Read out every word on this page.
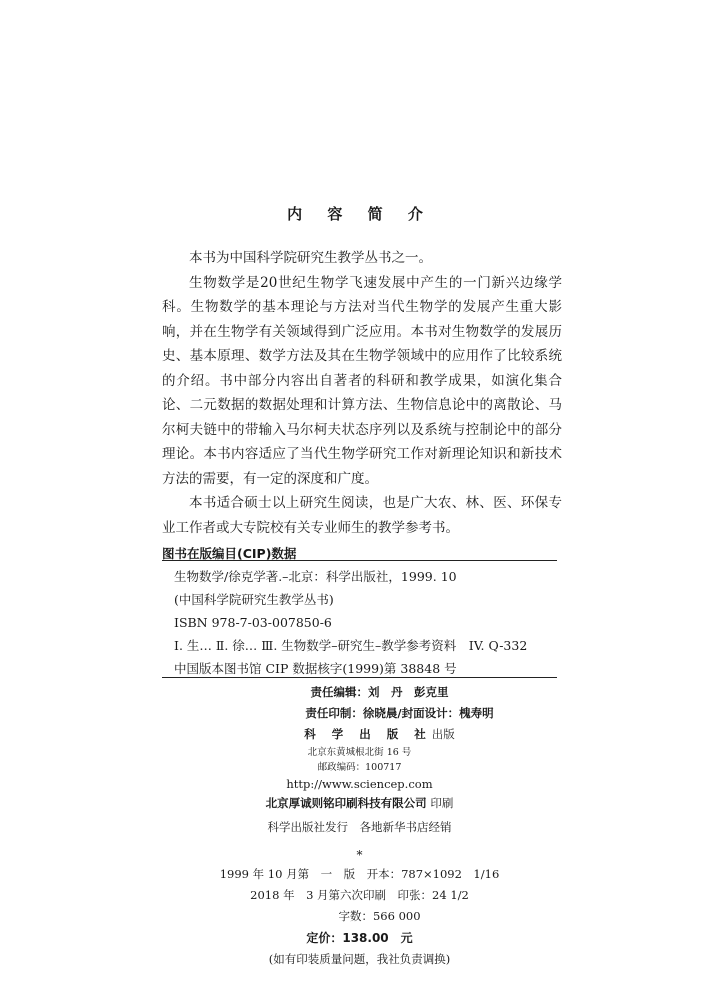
内 容 简 介

本书为中国科学院研究生教学丛书之一。

生物数学是20世纪生物学飞速发展中产生的一门新兴边缘学科。生物数学的基本理论与方法对当代生物学的发展产生重大影响，并在生物学有关领域得到广泛应用。本书对生物数学的发展历史、基本原理、数学方法及其在生物学领域中的应用作了比较系统的介绍。书中部分内容出自著者的科研和教学成果，如演化集合论、二元数据的数据处理和计算方法、生物信息论中的离散论、马尔柯夫链中的带输入马尔柯夫状态序列以及系统与控制论中的部分理论。本书内容适应了当代生物学研究工作对新理论知识和新技术方法的需要，有一定的深度和广度。

本书适合硕士以上研究生阅读，也是广大农、林、医、环保专业工作者或大专院校有关专业师生的教学参考书。

图书在版编目(CIP)数据
生物数学/徐克学著.–北京：科学出版社，1999. 10
(中国科学院研究生教学丛书)
ISBN 978-7-03-007850-6
Ⅰ. 生… Ⅱ. 徐… Ⅲ. 生物数学–研究生–教学参考资料　IV. Q-332
中国版本图书馆 CIP 数据核字(1999)第 38848 号
责任编辑：刘　丹　彭克里
责任印制：徐晓晨/封面设计：槐寿明
科 学 出 版 社出版
北京东黄城根北街 16 号
邮政编码：100717
http://www.sciencep.com
北京厚诚则铭印刷科技有限公司 印刷
科学出版社发行　各地新华书店经销
*
1999 年 10 月第　一　版　开本：787×1092　1/16
2018 年　3 月第六次印刷　印张：24 1/2
字数：566 000
定价：138.00　元
(如有印装质量问题，我社负责调换)
